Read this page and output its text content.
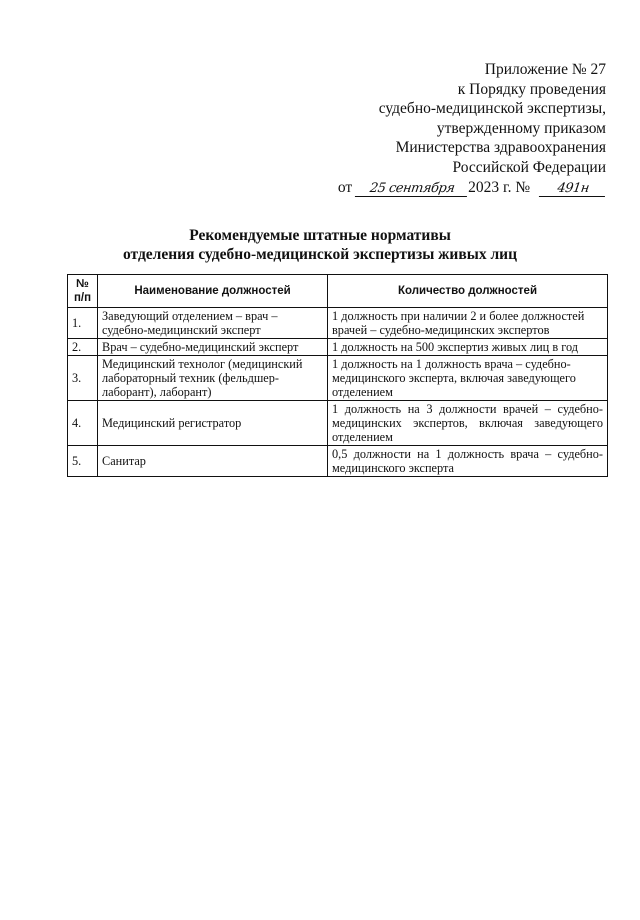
Приложение № 27
к Порядку проведения
судебно-медицинской экспертизы,
утвержденному приказом
Министерства здравоохранения
Российской Федерации
от 25 сентября 2023 г. № 491н
Рекомендуемые штатные нормативы
отделения судебно-медицинской экспертизы живых лиц
№ п/п	Наименование должностей	Количество должностей
1.	Заведующий отделением – врач – судебно-медицинский эксперт	1 должность при наличии 2 и более должностей врачей – судебно-медицинских экспертов
2.	Врач – судебно-медицинский эксперт	1 должность на 500 экспертиз живых лиц в год
3.	Медицинский технолог (медицинский лабораторный техник (фельдшер-лаборант), лаборант)	1 должность на 1 должность врача – судебно-медицинского эксперта, включая заведующего отделением
4.	Медицинский регистратор	1 должность на 3 должности врачей – судебно-медицинских экспертов, включая заведующего отделением
5.	Санитар	0,5 должности на 1 должность врача – судебно-медицинского эксперта
